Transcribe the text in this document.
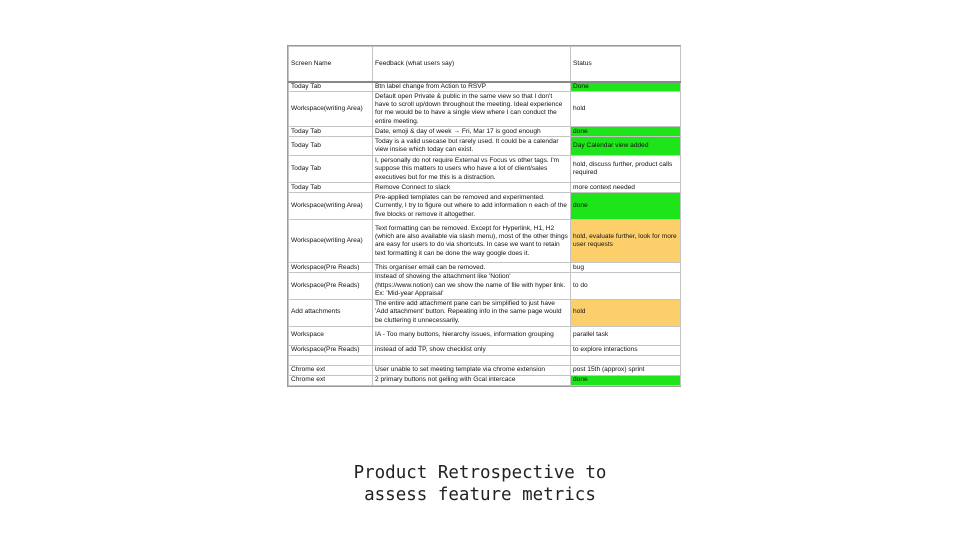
Screen Name	Feedback (what users say)	Status
Today Tab	Btn label change from Action to RSVP	Done
Workspace(writing Area)	Default open Private & public in the same view so that I don't have to scroll up/down throughout the meeting. Ideal experience for me would be to have a single view where I can conduct the entire meeting.	hold
Today Tab	Date, emoji & day of week → Fri, Mar 17 is good enough	done
Today Tab	Today is a valid usecase but rarely used. It could be a calendar view insise which today can exist.	Day Calendar view added
Today Tab	I, personally do not require External vs Focus vs other tags. I'm suppose this matters to users who have a lot of client/sales executives but for me this is a distraction.	hold, discuss further, product calls required
Today Tab	Remove Connect to slack	more context needed
Workspace(writing Area)	Pre-applied templates can be removed and experimented. Currently, I try to figure out where to add information n each of the five blocks or remove it altogether.	done
Workspace(writing Area)	Text formatting can be removed. Except for Hyperlink, H1, H2 (which are also available via slash menu), most of the other things are easy for users to do via shortcuts. In case we want to retain text formatting it can be done the way google does it.	hold, evaluate further, look for more user requests
Workspace(Pre Reads)	This organiser email can be removed.	bug
Workspace(Pre Reads)	Instead of showing the attachment like 'Notion' (https://www.notion) can we show the name of file with hyper link. Ex: 'Mid-year Appraisal'	to do
Add attachments	The entire add attachment pane can be simplified to just have 'Add attachment' button. Repeating info in the same page would be cluttering it unnecessarily.	hold
Workspace	IA - Too many buttons, hierarchy issues, information grouping	parallel task
Workspace(Pre Reads)	instead of add TP, show checklist only	to explore interactions

Chrome ext	User unable to set meeting template via chrome extension	post 15th (approx) sprint
Chrome ext	2 primary buttons not gelling with Gcal intercace	done
Product Retrospective to
assess feature metrics
